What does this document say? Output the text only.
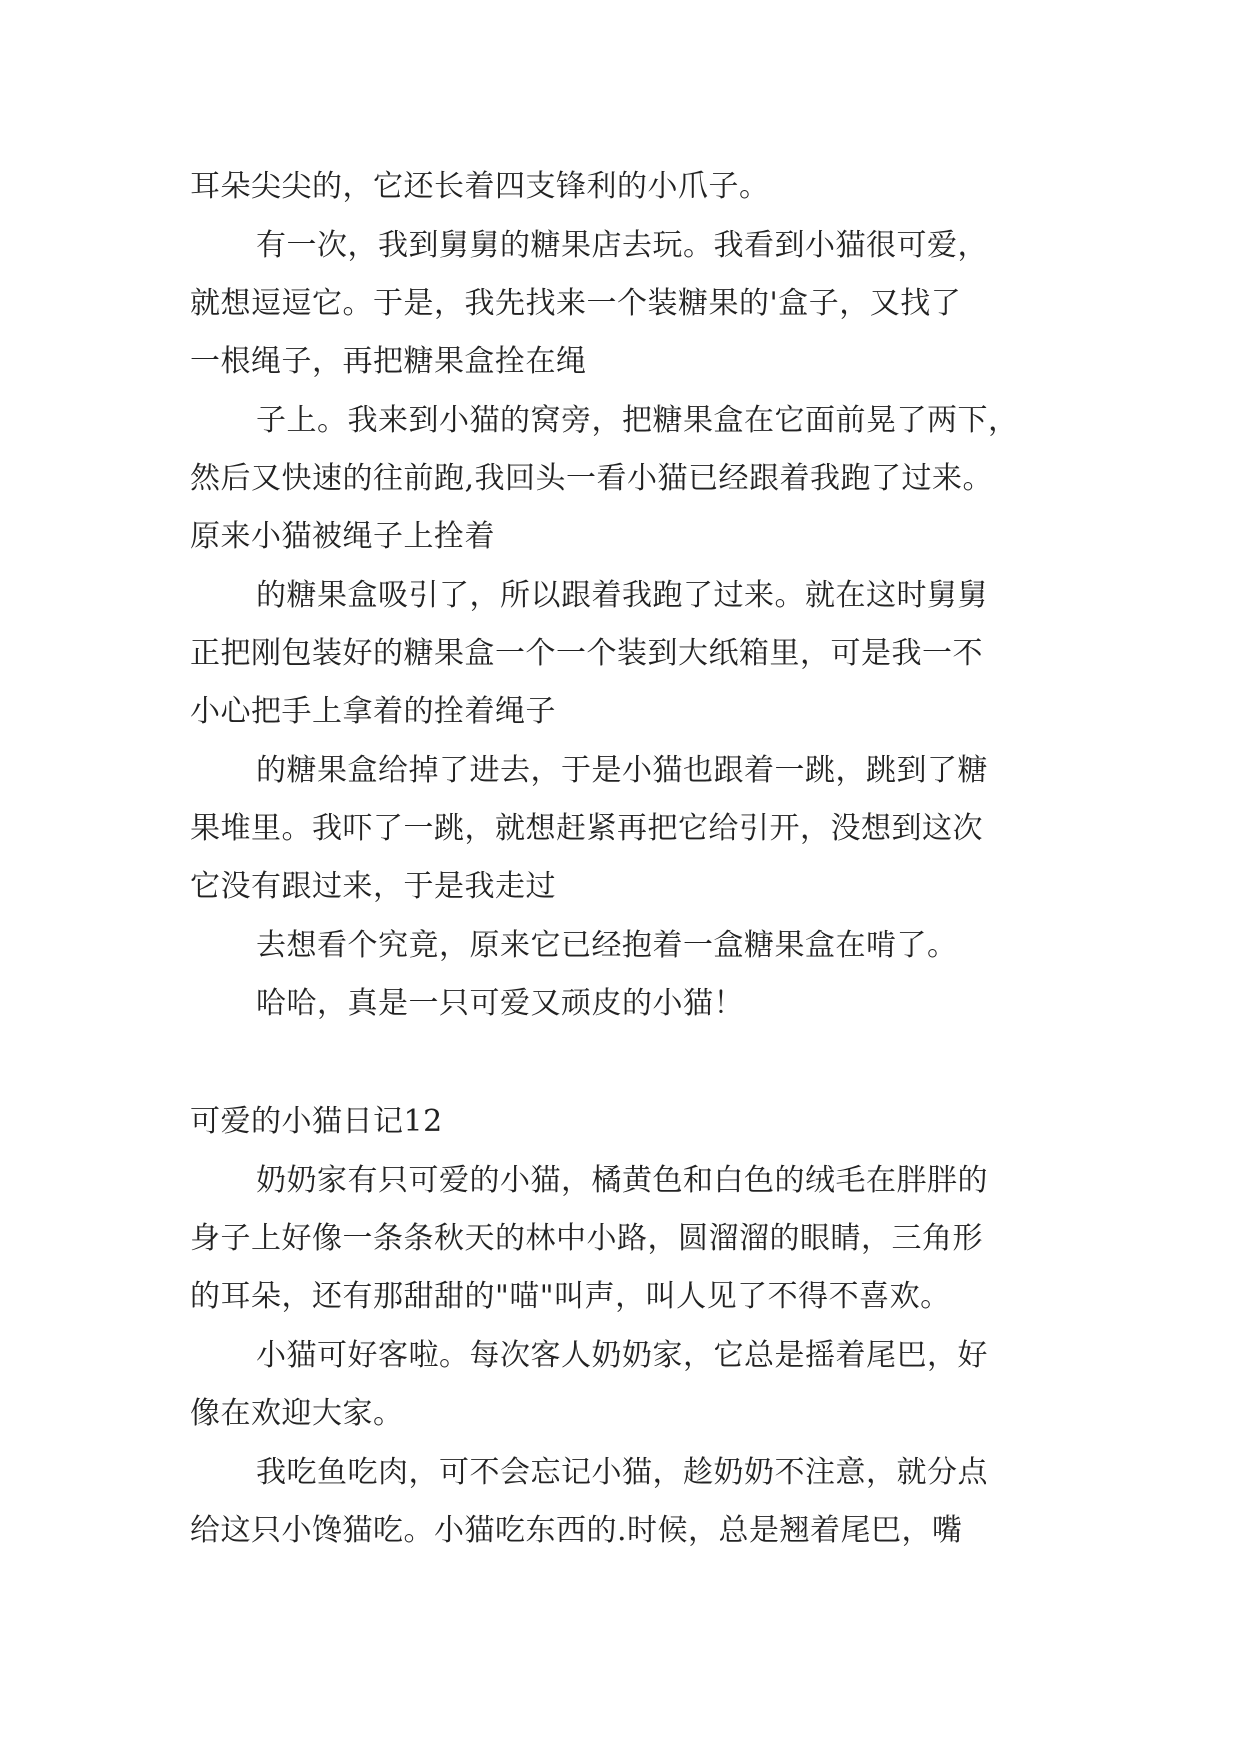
耳朵尖尖的，它还长着四支锋利的小爪子。
有一次，我到舅舅的糖果店去玩。我看到小猫很可爱，
就想逗逗它。于是，我先找来一个装糖果的'盒子，又找了
一根绳子，再把糖果盒拴在绳
子上。我来到小猫的窝旁，把糖果盒在它面前晃了两下，
然后又快速的往前跑,我回头一看小猫已经跟着我跑了过来。
原来小猫被绳子上拴着
的糖果盒吸引了，所以跟着我跑了过来。就在这时舅舅
正把刚包装好的糖果盒一个一个装到大纸箱里，可是我一不
小心把手上拿着的拴着绳子
的糖果盒给掉了进去，于是小猫也跟着一跳，跳到了糖
果堆里。我吓了一跳，就想赶紧再把它给引开，没想到这次
它没有跟过来，于是我走过
去想看个究竟，原来它已经抱着一盒糖果盒在啃了。
哈哈，真是一只可爱又顽皮的小猫！
可爱的小猫日记12
奶奶家有只可爱的小猫，橘黄色和白色的绒毛在胖胖的
身子上好像一条条秋天的林中小路，圆溜溜的眼睛，三角形
的耳朵，还有那甜甜的"喵"叫声，叫人见了不得不喜欢。
小猫可好客啦。每次客人奶奶家，它总是摇着尾巴，好
像在欢迎大家。
我吃鱼吃肉，可不会忘记小猫，趁奶奶不注意，就分点
给这只小馋猫吃。小猫吃东西的.时候，总是翘着尾巴，嘴
